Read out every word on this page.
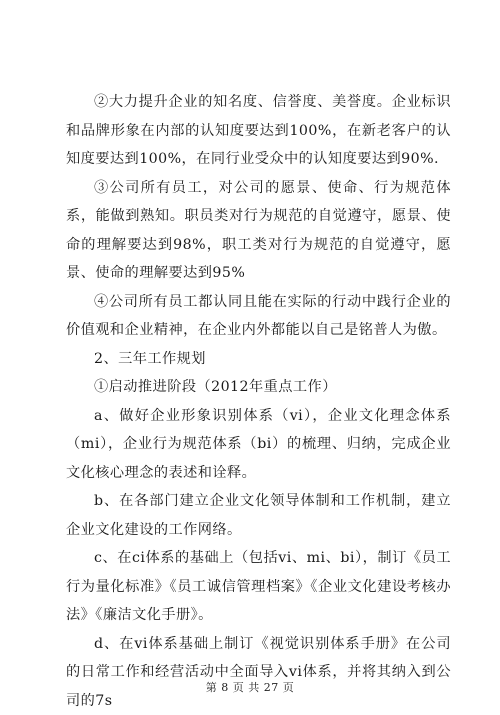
②大力提升企业的知名度、信誉度、美誉度。企业标识和品牌形象在内部的认知度要达到100%，在新老客户的认知度要达到100%，在同行业受众中的认知度要达到90%.

③公司所有员工，对公司的愿景、使命、行为规范体系，能做到熟知。职员类对行为规范的自觉遵守，愿景、使命的理解要达到98%，职工类对行为规范的自觉遵守，愿景、使命的理解要达到95%

④公司所有员工都认同且能在实际的行动中践行企业的价值观和企业精神，在企业内外都能以自己是铭普人为傲。

2、三年工作规划

①启动推进阶段（2012年重点工作）

a、做好企业形象识别体系（vi），企业文化理念体系（mi），企业行为规范体系（bi）的梳理、归纳，完成企业文化核心理念的表述和诠释。

b、在各部门建立企业文化领导体制和工作机制，建立企业文化建设的工作网络。

c、在ci体系的基础上（包括vi、mi、bi），制订《员工行为量化标准》《员工诚信管理档案》《企业文化建设考核办法》《廉洁文化手册》。

d、在vi体系基础上制订《视觉识别体系手册》在公司的日常工作和经营活动中全面导入vi体系，并将其纳入到公司的7s

第 8 页 共 27 页
